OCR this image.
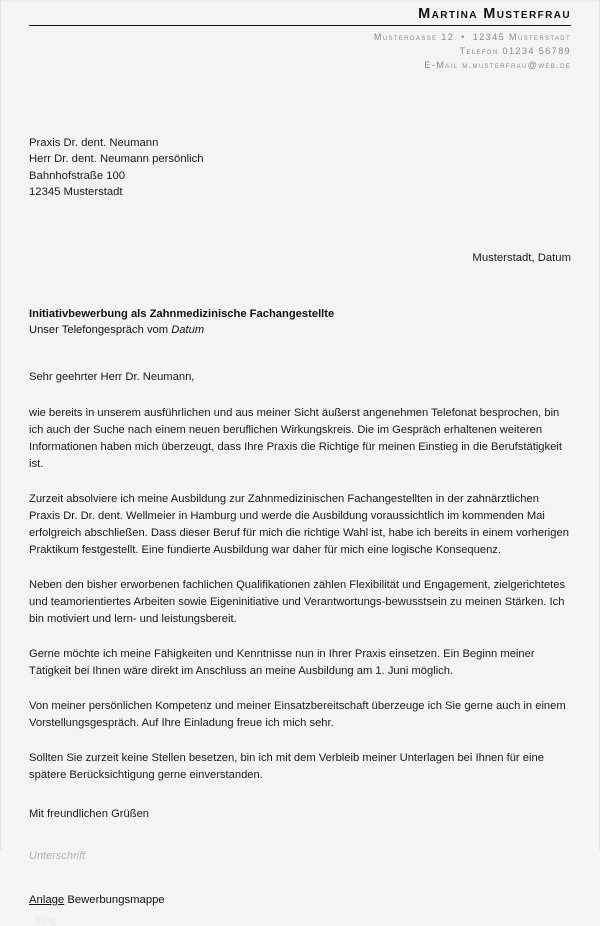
Martina Musterfrau
Mustergasse 12 • 12345 Musterstadt
Telefon 01234 56789
E-Mail m.musterfrau@web.de
Praxis Dr. dent. Neumann
Herr Dr. dent. Neumann persönlich
Bahnhofstraße 100
12345 Musterstadt
Musterstadt, Datum
Initiativbewerbung als Zahnmedizinische Fachangestellte
Unser Telefongespräch vom Datum

Sehr geehrter Herr Dr. Neumann,

wie bereits in unserem ausführlichen und aus meiner Sicht äußerst angenehmen Telefonat besprochen, bin ich auch der Suche nach einem neuen beruflichen Wirkungskreis. Die im Gespräch erhaltenen weiteren Informationen haben mich überzeugt, dass Ihre Praxis die Richtige für meinen Einstieg in die Berufstätigkeit ist.

Zurzeit absolviere ich meine Ausbildung zur Zahnmedizinischen Fachangestellten in der zahnärztlichen Praxis Dr. Dr. dent. Wellmeier in Hamburg und werde die Ausbildung voraussichtlich im kommenden Mai erfolgreich abschließen. Dass dieser Beruf für mich die richtige Wahl ist, habe ich bereits in einem vorherigen Praktikum festgestellt. Eine fundierte Ausbildung war daher für mich eine logische Konsequenz.

Neben den bisher erworbenen fachlichen Qualifikationen zählen Flexibilität und Engagement, zielgerichtetes und teamorientiertes Arbeiten sowie Eigeninitiative und Verantwortungs-bewusstsein zu meinen Stärken. Ich bin motiviert und lern- und leistungsbereit.

Gerne möchte ich meine Fähigkeiten und Kenntnisse nun in Ihrer Praxis einsetzen. Ein Beginn meiner Tätigkeit bei Ihnen wäre direkt im Anschluss an meine Ausbildung am 1. Juni möglich.

Von meiner persönlichen Kompetenz und meiner Einsatzbereitschaft überzeuge ich Sie gerne auch in einem Vorstellungsgespräch. Auf Ihre Einladung freue ich mich sehr.

Sollten Sie zurzeit keine Stellen besetzen, bin ich mit dem Verbleib meiner Unterlagen bei Ihnen für eine spätere Berücksichtigung gerne einverstanden.

Mit freundlichen Grüßen

Unterschrift
Anlage Bewerbungsmappe
blog
